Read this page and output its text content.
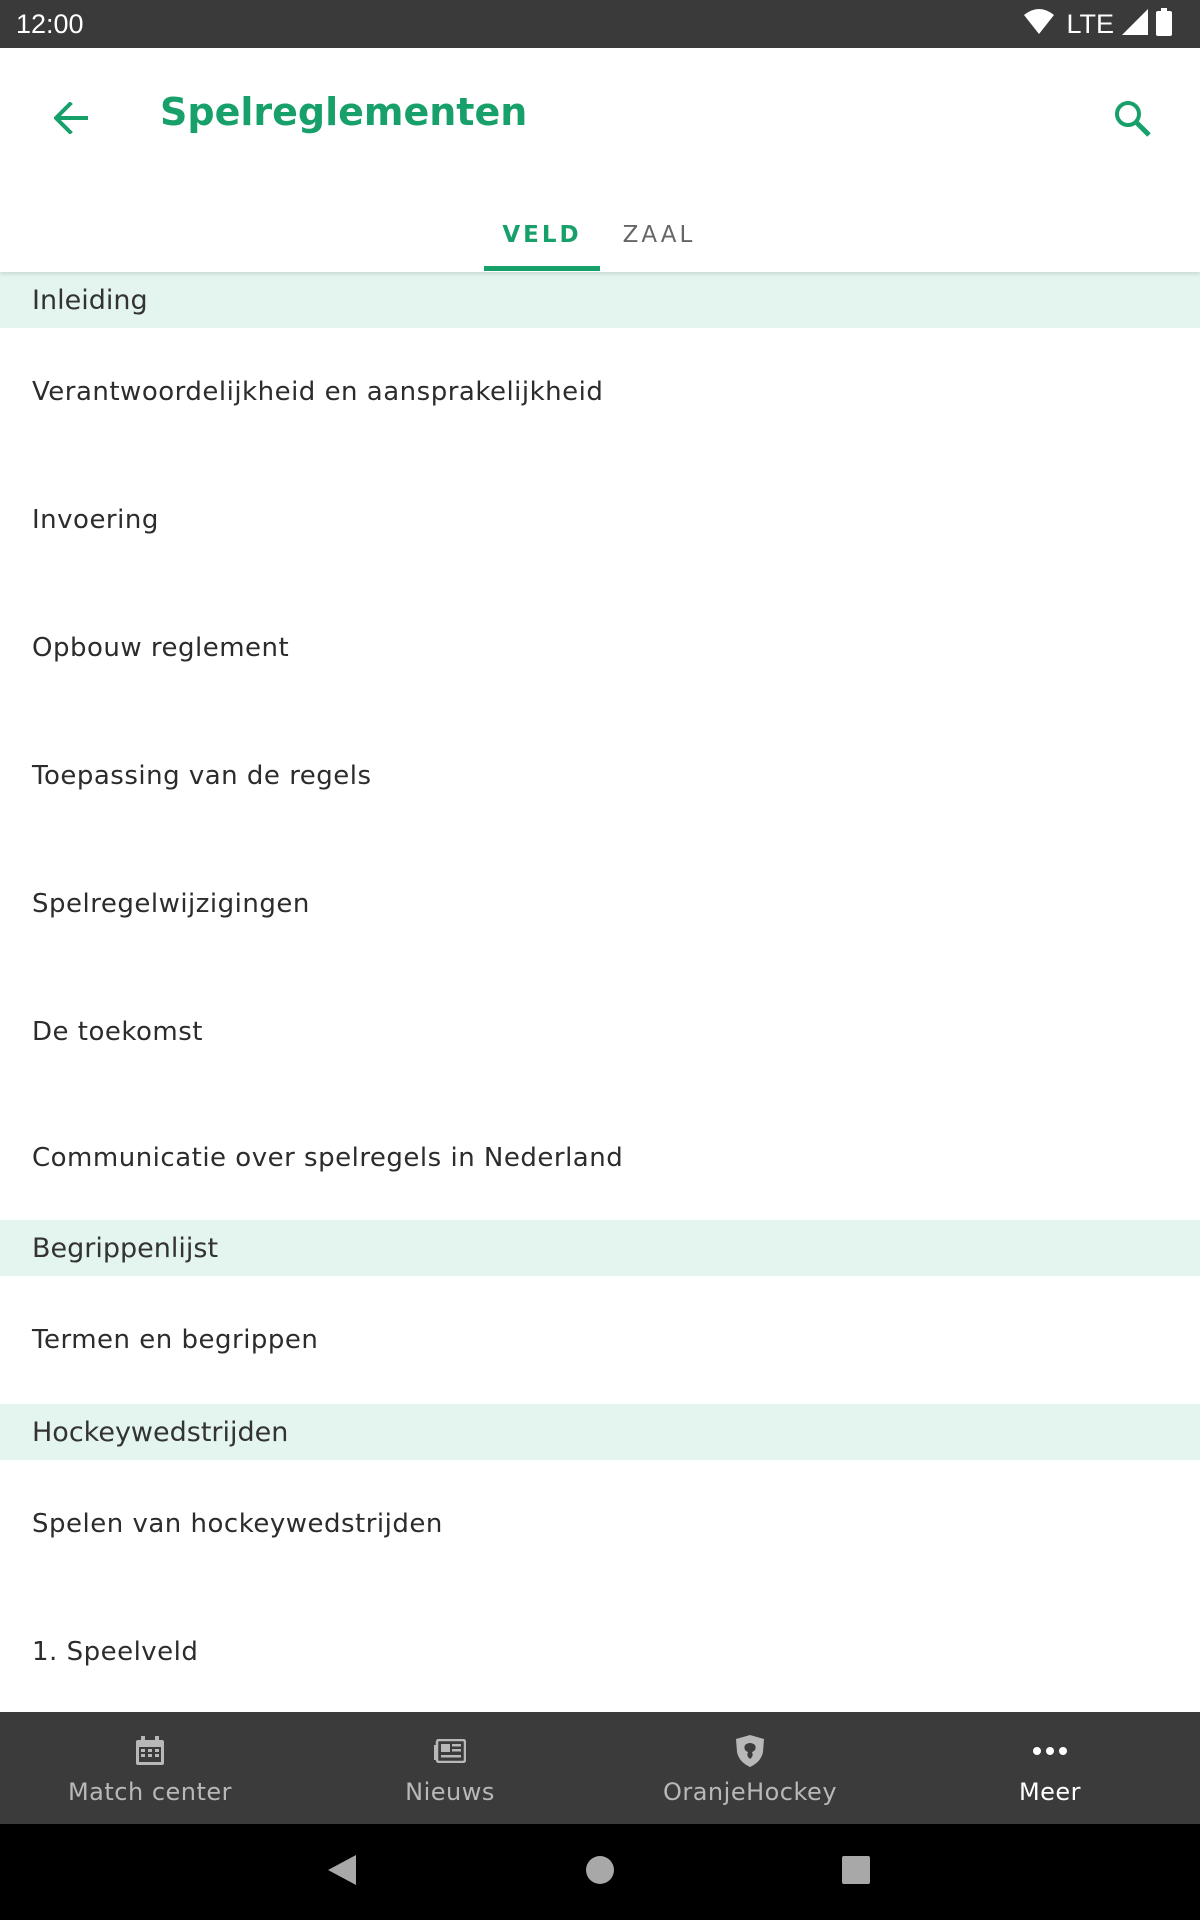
12:00	LTE
Spelreglementen
VELD	ZAAL
Inleiding
Verantwoordelijkheid en aansprakelijkheid
Invoering
Opbouw reglement
Toepassing van de regels
Spelregelwijzigingen
De toekomst
Communicatie over spelregels in Nederland
Begrippenlijst
Termen en begrippen
Hockeywedstrijden
Spelen van hockeywedstrijden
1. Speelveld
Match center	Nieuws	OranjeHockey	Meer
